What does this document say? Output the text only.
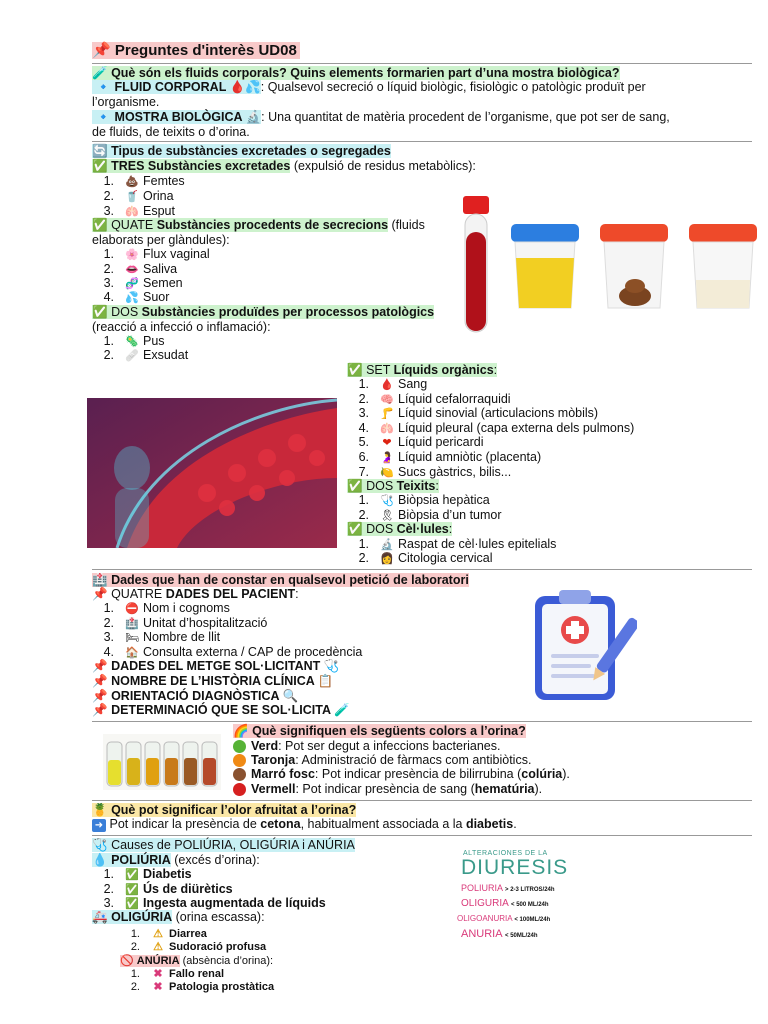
📌 Preguntes d'interès UD08
🧪 Què són els fluids corporals? Quins elements formarien part d’una mostra biològica?
🔹 FLUID CORPORAL 🩸💦: Qualsevol secreció o líquid biològic, fisiològic o patològic produït per l’organisme.
🔹 MOSTRA BIOLÒGICA 🔬: Una quantitat de matèria procedent de l’organisme, que pot ser de sang, de fluids, de teixits o d’orina.
🔄 Tipus de substàncies excretades o segregades
✅ TRES Substàncies excretades (expulsió de residus metabòlics):
1. 💩 Femtes
2. 🥤 Orina
3. 🫁 Esput
✅ QUATE Substàncies procedents de secrecions (fluids elaborats per glàndules):
1. 🌸 Flux vaginal
2. 👄 Saliva
3. 🧬 Semen
4. 💦 Suor
✅ DOS Substàncies produïdes per processos patològics
(reacció a infecció o inflamació):
1. 🦠 Pus
2. 🩹 Exsudat
✅ SET Líquids orgànics:
1. 🩸 Sang
2. 🧠 Líquid cefalorraquidi
3. 🦵 Líquid sinovial (articulacions mòbils)
4. 🫁 Líquid pleural (capa externa dels pulmons)
5. ❤ Líquid pericardi
6. 🤰 Líquid amniòtic (placenta)
7. 🍋 Sucs gàstrics, bilis...
✅ DOS Teixits:
1. 🩺 Biòpsia hepàtica
2. 🎗 Biòpsia d’un tumor
✅ DOS Cèl·lules:
1. 🔬 Raspat de cèl·lules epitelials
2. 👩 Citologia cervical
🏥 Dades que han de constar en qualsevol petició de laboratori
📌 QUATRE DADES DEL PACIENT:
1. ⛔ Nom i cognoms
2. 🏥 Unitat d’hospitalització
3. 🛏 Nombre de llit
4. 🏠 Consulta externa / CAP de procedència
📌 DADES DEL METGE SOL·LICITANT 🩺
📌 NOMBRE DE L’HISTÒRIA CLÍNICA 📋
📌 ORIENTACIÓ DIAGNÒSTICA 🔍
📌 DETERMINACIÓ QUE SE SOL·LICITA 🧪
🌈 Què signifiquen els següents colors a l’orina?
Verd: Pot ser degut a infeccions bacterianes.
Taronja: Administració de fàrmacs com antibiòtics.
Marró fosc: Pot indicar presència de bilirrubina (colúria).
Vermell: Pot indicar presència de sang (hematúria).
🍍 Què pot significar l’olor afruitat a l’orina?
➜ Pot indicar la presència de cetona, habitualment associada a la diabetis.
🩺 Causes de POLIÚRIA, OLIGÚRIA i ANÚRIA
💧 POLIÚRIA (excés d’orina):
1. ✅ Diabetis
2. ✅ Ús de diürètics
3. ✅ Ingesta augmentada de líquids
🚑 OLIGÚRIA (orina escassa):
1. ⚠ Diarrea
2. ⚠ Sudoració profusa
🚫 ANÚRIA (absència d’orina):
1. ✖ Fallo renal
2. ✖ Patologia prostàtica
ALTERACIONES DE LA
DIURESIS
POLIURIA > 2-3 LITROS/24h
OLIGURIA < 500 ML/24h
OLIGOANURIA < 100ML/24h
ANURIA < 50ML/24h
